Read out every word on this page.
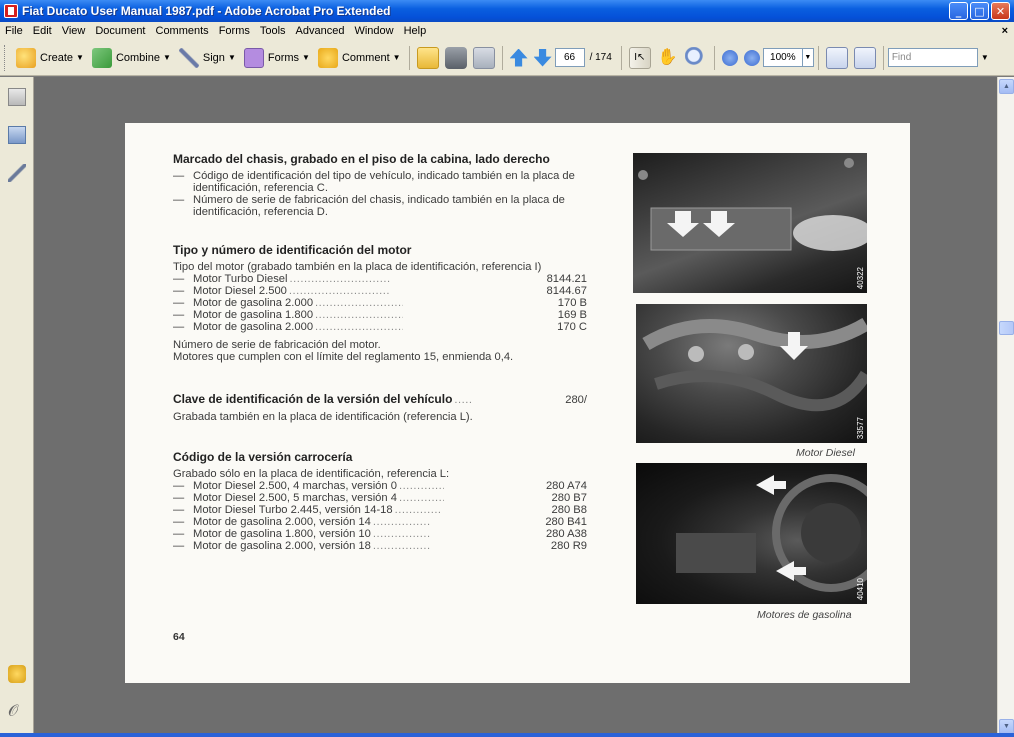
Fiat Ducato User Manual 1987.pdf - Adobe Acrobat Pro Extended	_	□	✕
File Edit View Document Comments Forms Tools Advanced Window Help	×
Create ▼	Combine ▼	Sign ▼	Forms ▼	Comment ▼	66	/ 174	I↖ ✋	100%	▼	Find	▼
𝒪
Marcado del chasis, grabado en el piso de la cabina, lado derecho
— Código de identificación del tipo de vehículo, indicado también en la placa de identificación, referencia C.
— Número de serie de fabricación del chasis, indicado también en la placa de identificación, referencia D.
Tipo y número de identificación del motor
Tipo del motor (grabado también en la placa de identificación, referencia I)
— Motor Turbo Diesel .....	8144.21
— Motor Diesel 2.500 .....	8144.67
— Motor de gasolina 2.000 .....	170 B
— Motor de gasolina 1.800 .....	169 B
— Motor de gasolina 2.000 .....	170 C
Número de serie de fabricación del motor.
Motores que cumplen con el límite del reglamento 15, enmienda 0,4.
Clave de identificación de la versión del vehículo .....	280/
Grabada también en la placa de identificación (referencia L).
Código de la versión carrocería
Grabado sólo en la placa de identificación, referencia L:
— Motor Diesel 2.500, 4 marchas, versión 0 .....	280 A74
— Motor Diesel 2.500, 5 marchas, versión 4 .....	280 B7
— Motor Diesel Turbo 2.445, versión 14-18 .....	280 B8
— Motor de gasolina 2.000, versión 14 .....	280 B41
— Motor de gasolina 1.800, versión 10 .....	280 A38
— Motor de gasolina 2.000, versión 18 .....	280 R9
64
40322
33577
Motor Diesel
40410
Motores de gasolina
▲
▼
